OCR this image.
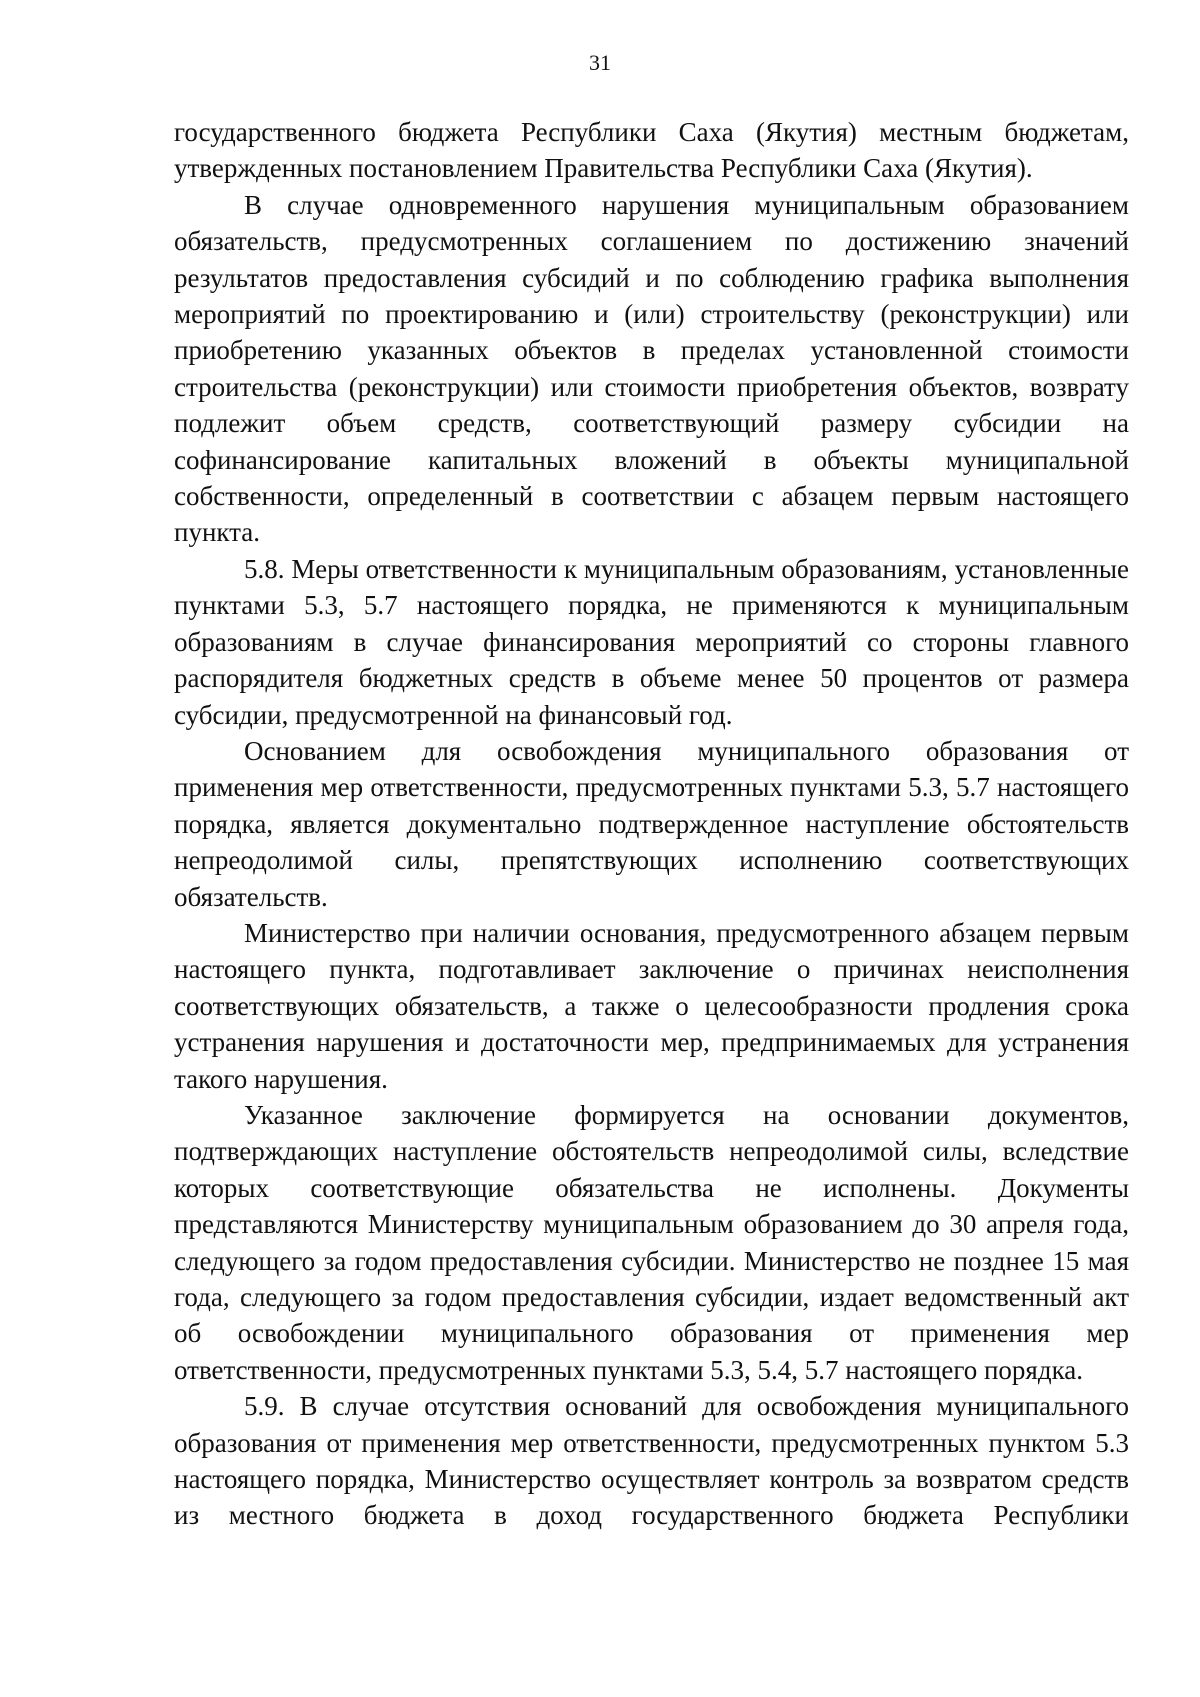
31

государственного бюджета Республики Саха (Якутия) местным бюджетам, утвержденных постановлением Правительства Республики Саха (Якутия).

В случае одновременного нарушения муниципальным образованием обязательств, предусмотренных соглашением по достижению значений результатов предоставления субсидий и по соблюдению графика выполнения мероприятий по проектированию и (или) строительству (реконструкции) или приобретению указанных объектов в пределах установленной стоимости строительства (реконструкции) или стоимости приобретения объектов, возврату подлежит объем средств, соответствующий размеру субсидии на софинансирование капитальных вложений в объекты муниципальной собственности, определенный в соответствии с абзацем первым настоящего пункта.

5.8. Меры ответственности к муниципальным образованиям, установленные пунктами 5.3, 5.7 настоящего порядка, не применяются к муниципальным образованиям в случае финансирования мероприятий со стороны главного распорядителя бюджетных средств в объеме менее 50 процентов от размера субсидии, предусмотренной на финансовый год.

Основанием для освобождения муниципального образования от применения мер ответственности, предусмотренных пунктами 5.3, 5.7 настоящего порядка, является документально подтвержденное наступление обстоятельств непреодолимой силы, препятствующих исполнению соответствующих обязательств.

Министерство при наличии основания, предусмотренного абзацем первым настоящего пункта, подготавливает заключение о причинах неисполнения соответствующих обязательств, а также о целесообразности продления срока устранения нарушения и достаточности мер, предпринимаемых для устранения такого нарушения.

Указанное заключение формируется на основании документов, подтверждающих наступление обстоятельств непреодолимой силы, вследствие которых соответствующие обязательства не исполнены. Документы представляются Министерству муниципальным образованием до 30 апреля года, следующего за годом предоставления субсидии. Министерство не позднее 15 мая года, следующего за годом предоставления субсидии, издает ведомственный акт об освобождении муниципального образования от применения мер ответственности, предусмотренных пунктами 5.3, 5.4, 5.7 настоящего порядка.

5.9. В случае отсутствия оснований для освобождения муниципального образования от применения мер ответственности, предусмотренных пунктом 5.3 настоящего порядка, Министерство осуществляет контроль за возвратом средств из местного бюджета в доход государственного бюджета Республики
